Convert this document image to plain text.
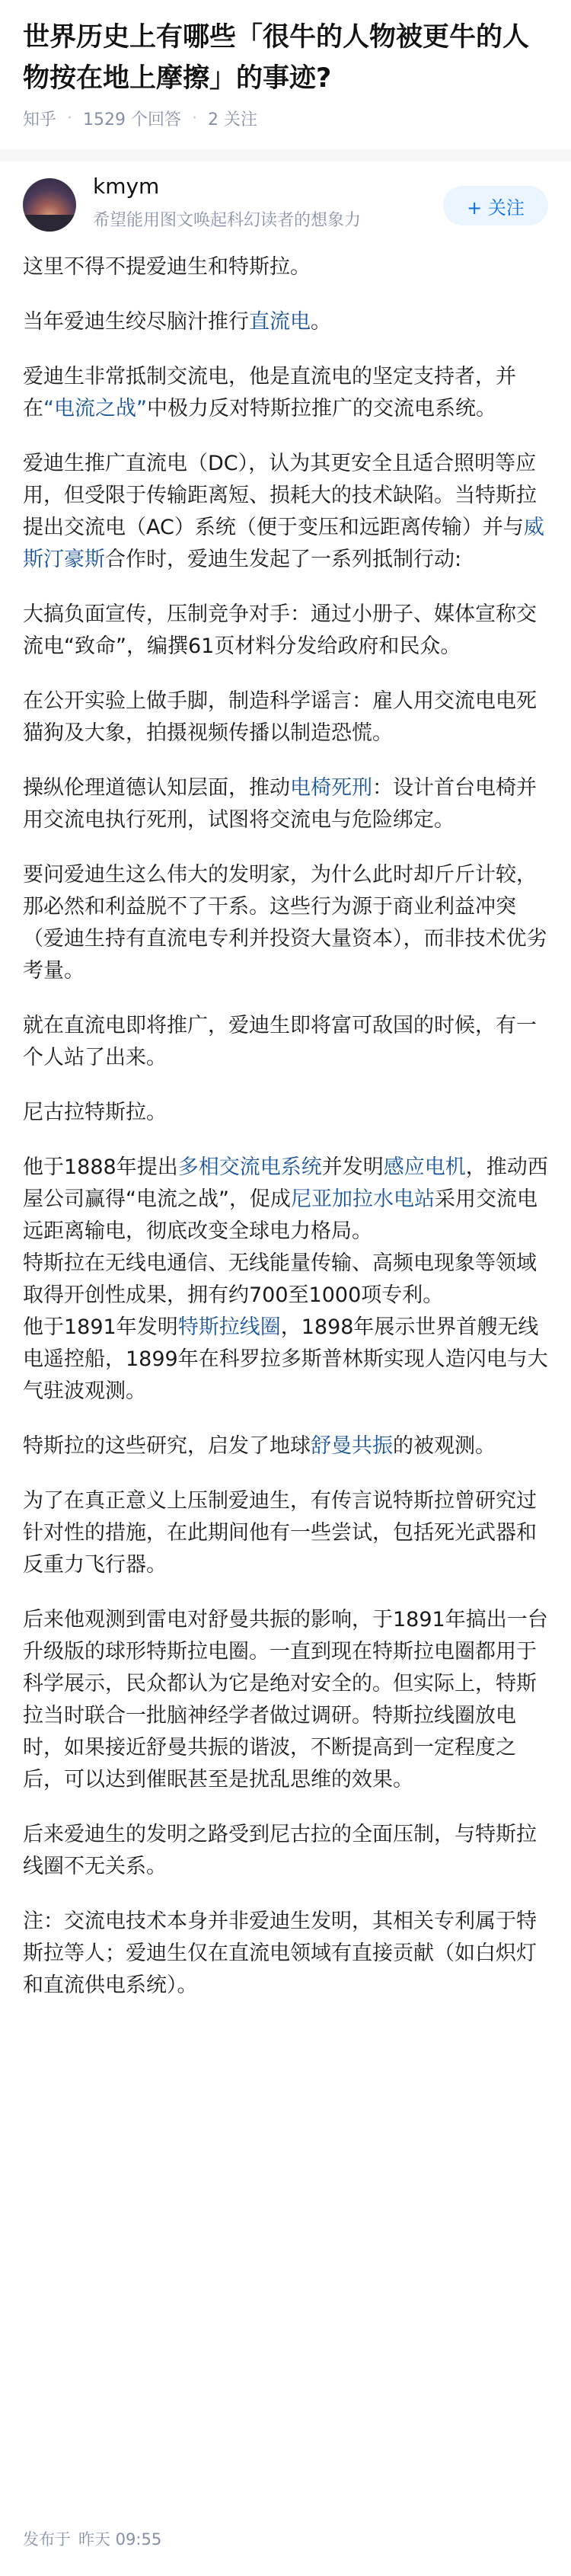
世界历史上有哪些「很牛的人物被更牛的人物按在地上摩擦」的事迹?
知乎 · 1529 个回答 · 2 关注
kmym
希望能用图文唤起科幻读者的想象力
+ 关注

这里不得不提爱迪生和特斯拉。

当年爱迪生绞尽脑汁推行直流电。

爱迪生非常抵制交流电，他是直流电的坚定支持者，并在“电流之战”中极力反对特斯拉推广的交流电系统。

爱迪生推广直流电（DC），认为其更安全且适合照明等应用，但受限于传输距离短、损耗大的技术缺陷。当特斯拉提出交流电（AC）系统（便于变压和远距离传输）并与威斯汀豪斯合作时，爱迪生发起了一系列抵制行动:

大搞负面宣传，压制竞争对手：通过小册子、媒体宣称交流电“致命”，编撰61页材料分发给政府和民众。

在公开实验上做手脚，制造科学谣言：雇人用交流电电死猫狗及大象，拍摄视频传播以制造恐慌。

操纵伦理道德认知层面，推动电椅死刑：设计首台电椅并用交流电执行死刑，试图将交流电与危险绑定。

要问爱迪生这么伟大的发明家，为什么此时却斤斤计较，那必然和利益脱不了干系。这些行为源于商业利益冲突（爱迪生持有直流电专利并投资大量资本），而非技术优劣考量。

就在直流电即将推广，爱迪生即将富可敌国的时候，有一个人站了出来。

尼古拉特斯拉。

他于1888年提出多相交流电系统并发明感应电机，推动西屋公司赢得“电流之战”，促成尼亚加拉水电站采用交流电远距离输电，彻底改变全球电力格局。

特斯拉在无线电通信、无线能量传输、高频电现象等领域取得开创性成果，拥有约700至1000项专利。

他于1891年发明特斯拉线圈，1898年展示世界首艘无线电遥控船，1899年在科罗拉多斯普林斯实现人造闪电与大气驻波观测。

特斯拉的这些研究，启发了地球舒曼共振的被观测。

为了在真正意义上压制爱迪生，有传言说特斯拉曾研究过针对性的措施，在此期间他有一些尝试，包括死光武器和反重力飞行器。

后来他观测到雷电对舒曼共振的影响，于1891年搞出一台升级版的球形特斯拉电圈。一直到现在特斯拉电圈都用于科学展示，民众都认为它是绝对安全的。但实际上，特斯拉当时联合一批脑神经学者做过调研。特斯拉线圈放电时，如果接近舒曼共振的谐波，不断提高到一定程度之后，可以达到催眠甚至是扰乱思维的效果。

后来爱迪生的发明之路受到尼古拉的全面压制，与特斯拉线圈不无关系。

注：交流电技术本身并非爱迪生发明，其相关专利属于特斯拉等人；爱迪生仅在直流电领域有直接贡献（如白炽灯和直流供电系统）。

发布于 昨天 09:55
